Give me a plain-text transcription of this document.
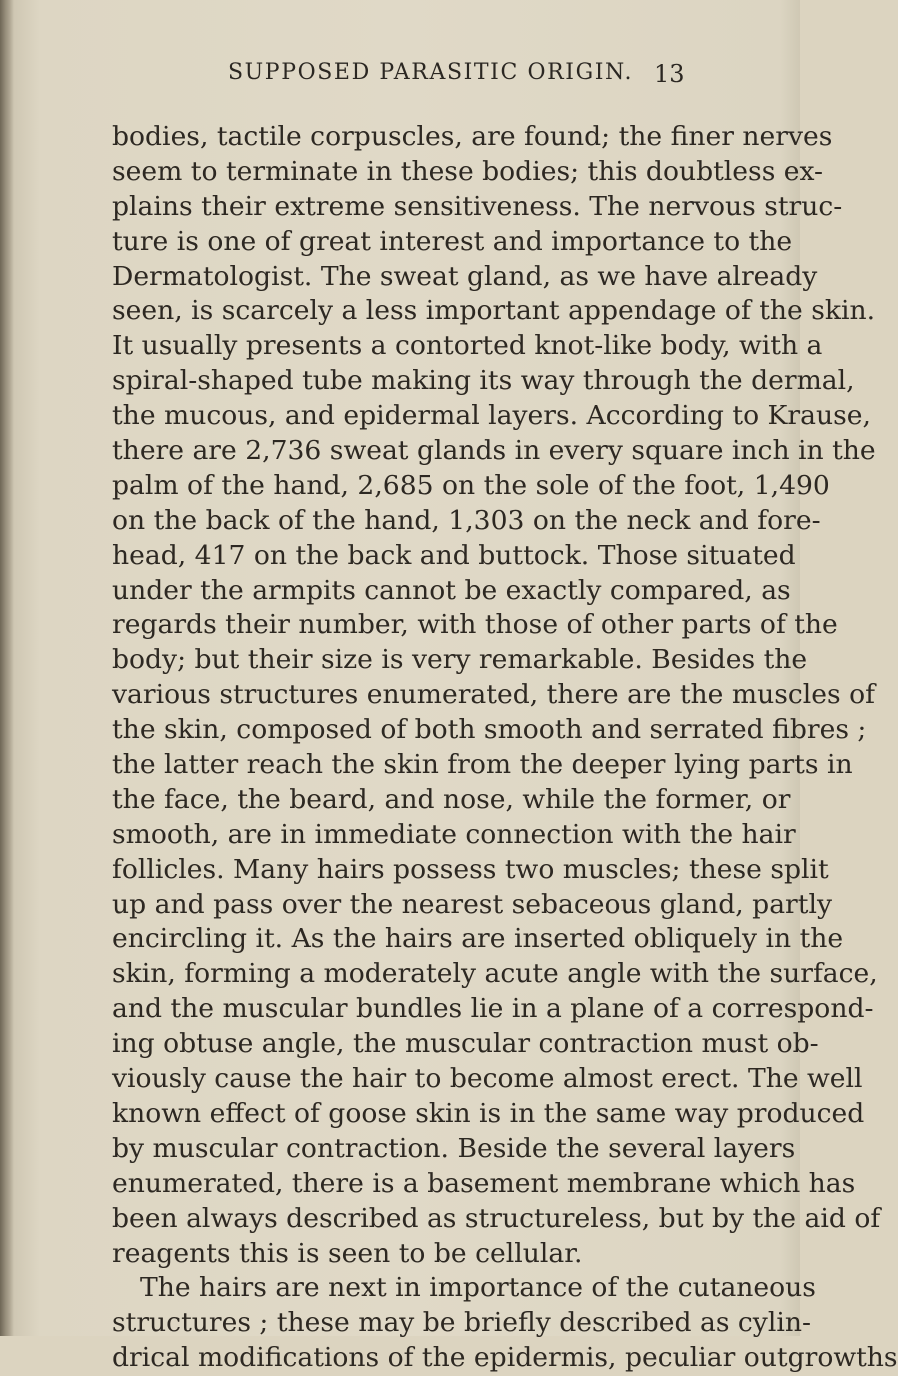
SUPPOSED PARASITIC ORIGIN. 13
bodies, tactile corpuscles, are found; the finer nerves
seem to terminate in these bodies; this doubtless ex-
plains their extreme sensitiveness. The nervous struc-
ture is one of great interest and importance to the
Dermatologist. The sweat gland, as we have already
seen, is scarcely a less important appendage of the skin.
It usually presents a contorted knot-like body, with a
spiral-shaped tube making its way through the dermal,
the mucous, and epidermal layers. According to Krause,
there are 2,736 sweat glands in every square inch in the
palm of the hand, 2,685 on the sole of the foot, 1,490
on the back of the hand, 1,303 on the neck and fore-
head, 417 on the back and buttock. Those situated
under the armpits cannot be exactly compared, as
regards their number, with those of other parts of the
body; but their size is very remarkable. Besides the
various structures enumerated, there are the muscles of
the skin, composed of both smooth and serrated fibres ;
the latter reach the skin from the deeper lying parts in
the face, the beard, and nose, while the former, or
smooth, are in immediate connection with the hair
follicles. Many hairs possess two muscles; these split
up and pass over the nearest sebaceous gland, partly
encircling it. As the hairs are inserted obliquely in the
skin, forming a moderately acute angle with the surface,
and the muscular bundles lie in a plane of a correspond-
ing obtuse angle, the muscular contraction must ob-
viously cause the hair to become almost erect. The well
known effect of goose skin is in the same way produced
by muscular contraction. Beside the several layers
enumerated, there is a basement membrane which has
been always described as structureless, but by the aid of
reagents this is seen to be cellular.
The hairs are next in importance of the cutaneous
structures ; these may be briefly described as cylin-
drical modifications of the epidermis, peculiar outgrowths
